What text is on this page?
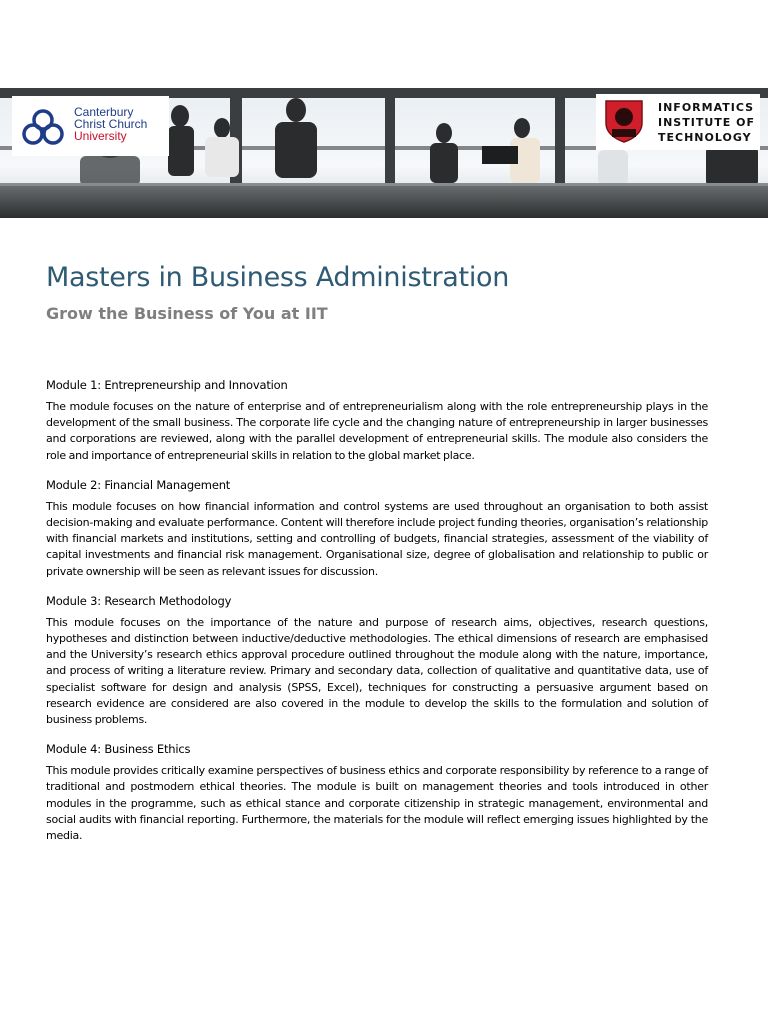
Canterbury
Christ Church
University
INFORMATICS
INSTITUTE OF
TECHNOLOGY
Masters in Business Administration
Grow the Business of You at IIT
Module 1: Entrepreneurship and Innovation

The module focuses on the nature of enterprise and of entrepreneurialism along with the role entrepreneurship plays in the development of the small business. The corporate life cycle and the changing nature of entrepreneurship in larger businesses and corporations are reviewed, along with the parallel development of entrepreneurial skills. The module also considers the role and importance of entrepreneurial skills in relation to the global market place.

Module 2: Financial Management

This module focuses on how financial information and control systems are used throughout an organisation to both assist decision-making and evaluate performance. Content will therefore include project funding theories, organisation’s relationship with financial markets and institutions, setting and controlling of budgets, financial strategies, assessment of the viability of capital investments and financial risk management. Organisational size, degree of globalisation and relationship to public or private ownership will be seen as relevant issues for discussion.

Module 3: Research Methodology

This module focuses on the importance of the nature and purpose of research aims, objectives, research questions, hypotheses and distinction between inductive/deductive methodologies. The ethical dimensions of research are emphasised and the University’s research ethics approval procedure outlined throughout the module along with the nature, importance, and process of writing a literature review. Primary and secondary data, collection of qualitative and quantitative data, use of specialist software for design and analysis (SPSS, Excel), techniques for constructing a persuasive argument based on research evidence are considered are also covered in the module to develop the skills to the formulation and solution of business problems.

Module 4: Business Ethics

This module provides critically examine perspectives of business ethics and corporate responsibility by reference to a range of traditional and postmodern ethical theories. The module is built on management theories and tools introduced in other modules in the programme, such as ethical stance and corporate citizenship in strategic management, environmental and social audits with financial reporting. Furthermore, the materials for the module will reflect emerging issues highlighted by the media.
